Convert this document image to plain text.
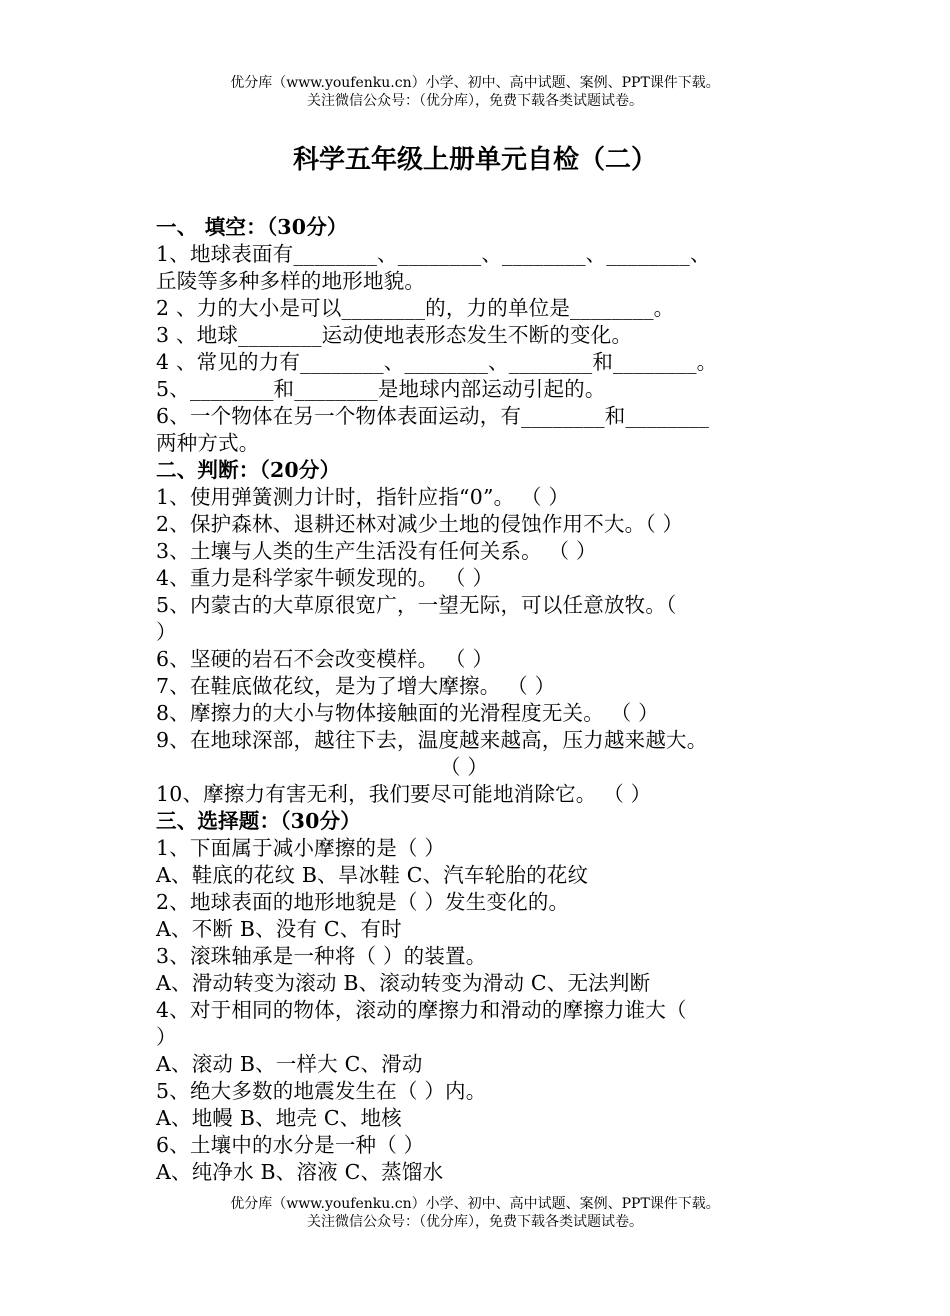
优分库（www.youfenku.cn）小学、初中、高中试题、案例、PPT课件下载。
关注微信公众号：（优分库），免费下载各类试题试卷。
科学五年级上册单元自检（二）
一、 填空：（30分）
1、地球表面有________、________、________、________、
丘陵等多种多样的地形地貌。
2 、力的大小是可以________的，力的单位是________。
3 、地球________运动使地表形态发生不断的变化。
4 、常见的力有________、________、________和________。
5、________和________是地球内部运动引起的。
6、一个物体在另一个物体表面运动，有________和________
两种方式。
二、判断：（20分）
1、使用弹簧测力计时，指针应指“0”。 （ ）
2、保护森林、退耕还林对减少土地的侵蚀作用不大。（ ）
3、土壤与人类的生产生活没有任何关系。 （ ）
4、重力是科学家牛顿发现的。 （ ）
5、内蒙古的大草原很宽广，一望无际，可以任意放牧。（
）
6、坚硬的岩石不会改变模样。 （ ）
7、在鞋底做花纹，是为了增大摩擦。 （ ）
8、摩擦力的大小与物体接触面的光滑程度无关。 （ ）
9、在地球深部，越往下去，温度越来越高，压力越来越大。
（ ）
10、摩擦力有害无利，我们要尽可能地消除它。 （ ）
三、选择题：（30分）
1、下面属于减小摩擦的是（ ）
A、鞋底的花纹 B、旱冰鞋 C、汽车轮胎的花纹
2、地球表面的地形地貌是（ ）发生变化的。
A、不断 B、没有 C、有时
3、滚珠轴承是一种将（ ）的装置。
A、滑动转变为滚动 B、滚动转变为滑动 C、无法判断
4、对于相同的物体，滚动的摩擦力和滑动的摩擦力谁大（
）
A、滚动 B、一样大 C、滑动
5、绝大多数的地震发生在（ ）内。
A、地幔 B、地壳 C、地核
6、土壤中的水分是一种（ ）
A、纯净水 B、溶液 C、蒸馏水
优分库（www.youfenku.cn）小学、初中、高中试题、案例、PPT课件下载。
关注微信公众号：（优分库），免费下载各类试题试卷。
